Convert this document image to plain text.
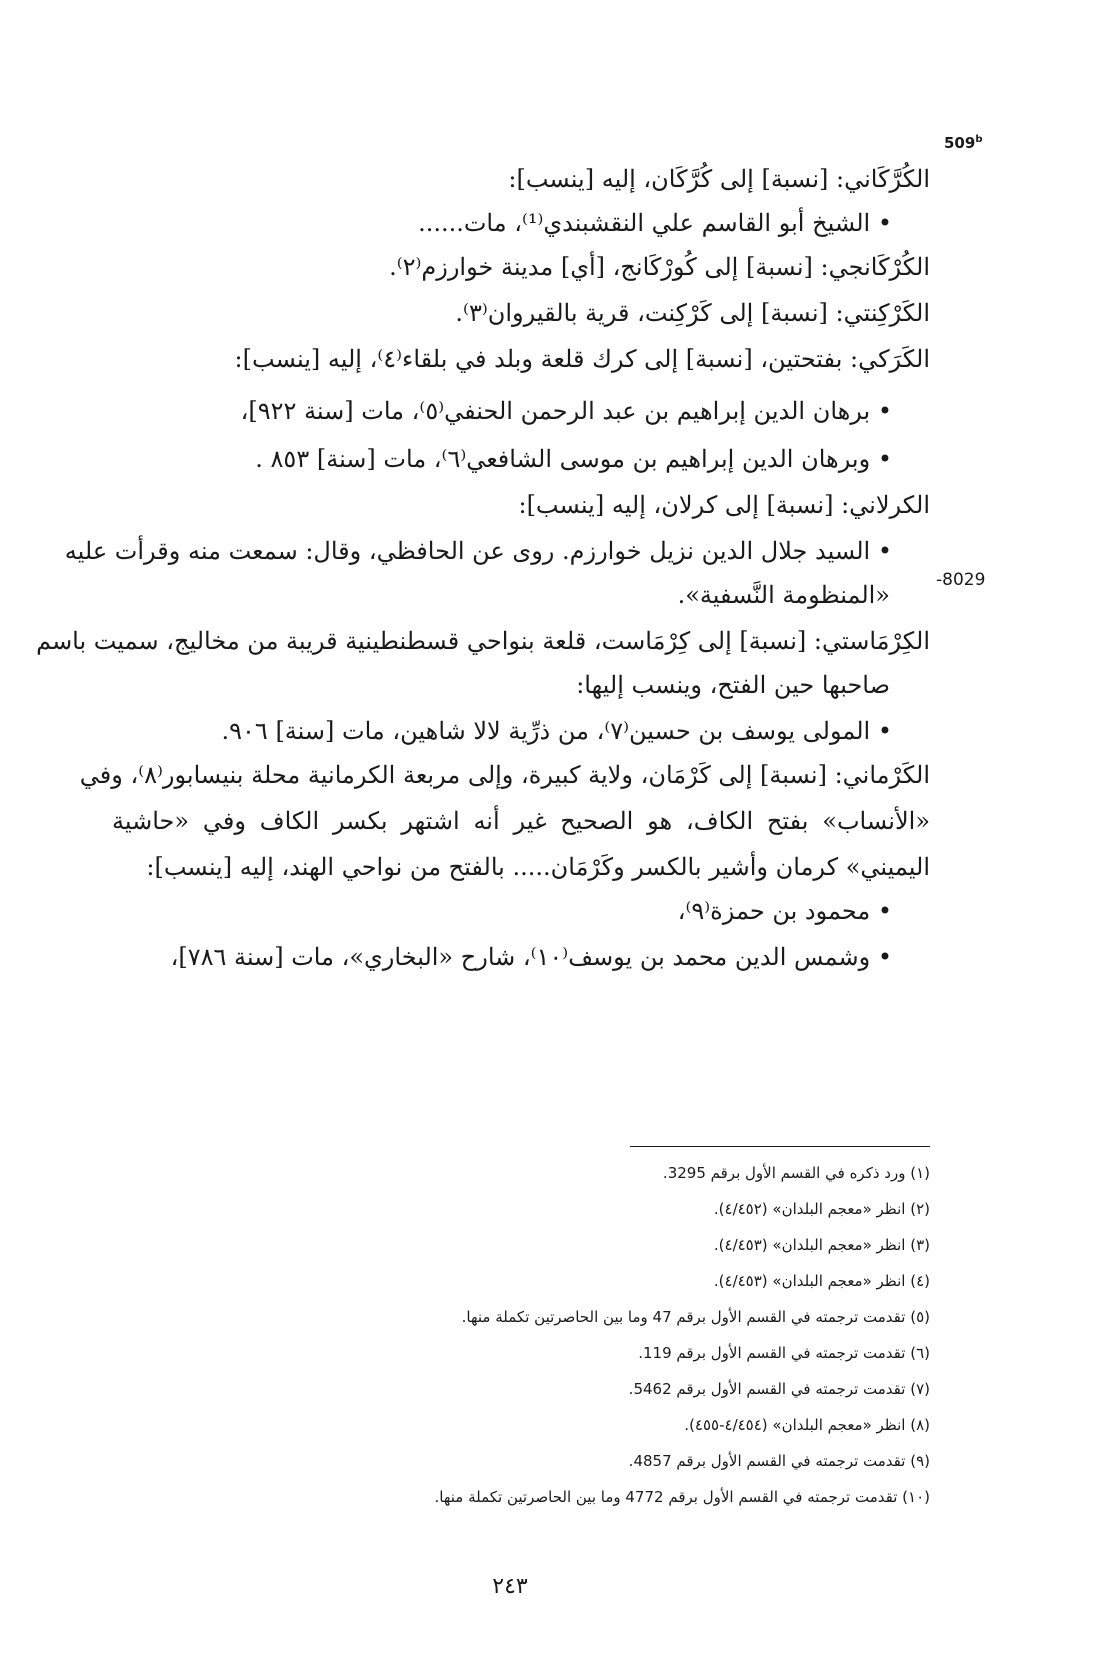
509$^b$
الكُرَّكَاني: [نسبة] إلى كُرَّكَان، إليه [ينسب]:
• الشيخ أبو القاسم علي النقشبندي⁽¹⁾، مات......
الكُرْكَانجي: [نسبة] إلى كُورْكَانج، [أي] مدينة خوارزم⁽٢⁾.
الكَرْكِنتي: [نسبة] إلى كَرْكِنت، قرية بالقيروان⁽٣⁾.
الكَرَكي: بفتحتين، [نسبة] إلى كرك قلعة وبلد في بلقاء⁽٤⁾، إليه [ينسب]:
• برهان الدين إبراهيم بن عبد الرحمن الحنفي⁽٥⁾، مات [سنة ٩٢٢]،
• وبرهان الدين إبراهيم بن موسى الشافعي⁽٦⁾، مات [سنة] ٨٥٣ .
الكرلاني: [نسبة] إلى كرلان، إليه [ينسب]:
-8029
• السيد جلال الدين نزيل خوارزم. روى عن الحافظي، وقال: سمعت منه وقرأت عليه
«المنظومة النَّسفية».
الكِرْمَاستي: [نسبة] إلى كِرْمَاست، قلعة بنواحي قسطنطينية قريبة من مخاليج، سميت باسم
صاحبها حين الفتح، وينسب إليها:
• المولى يوسف بن حسين⁽٧⁾، من ذرِّية لالا شاهين، مات [سنة] ٩٠٦.
الكَرْماني: [نسبة] إلى كَرْمَان، ولاية كبيرة، وإلى مربعة الكرمانية محلة بنيسابور⁽٨⁾، وفي
«الأنساب» بفتح الكاف، هو الصحيح غير أنه اشتهر بكسر الكاف وفي «حاشية
اليميني» كرمان وأشير بالكسر وكَرْمَان..... بالفتح من نواحي الهند، إليه [ينسب]:
• محمود بن حمزة⁽٩⁾،
• وشمس الدين محمد بن يوسف⁽١٠⁾، شارح «البخاري»، مات [سنة ٧٨٦]،
(١) ورد ذكره في القسم الأول برقم 3295.
(٢) انظر «معجم البلدان» (٤/٤٥٢).
(٣) انظر «معجم البلدان» (٤/٤٥٣).
(٤) انظر «معجم البلدان» (٤/٤٥٣).
(٥) تقدمت ترجمته في القسم الأول برقم 47 وما بين الحاصرتين تكملة منها.
(٦) تقدمت ترجمته في القسم الأول برقم 119.
(٧) تقدمت ترجمته في القسم الأول برقم 5462.
(٨) انظر «معجم البلدان» (٤/٤٥٤-٤٥٥).
(٩) تقدمت ترجمته في القسم الأول برقم 4857.
(١٠) تقدمت ترجمته في القسم الأول برقم 4772 وما بين الحاصرتين تكملة منها.
٢٤٣
